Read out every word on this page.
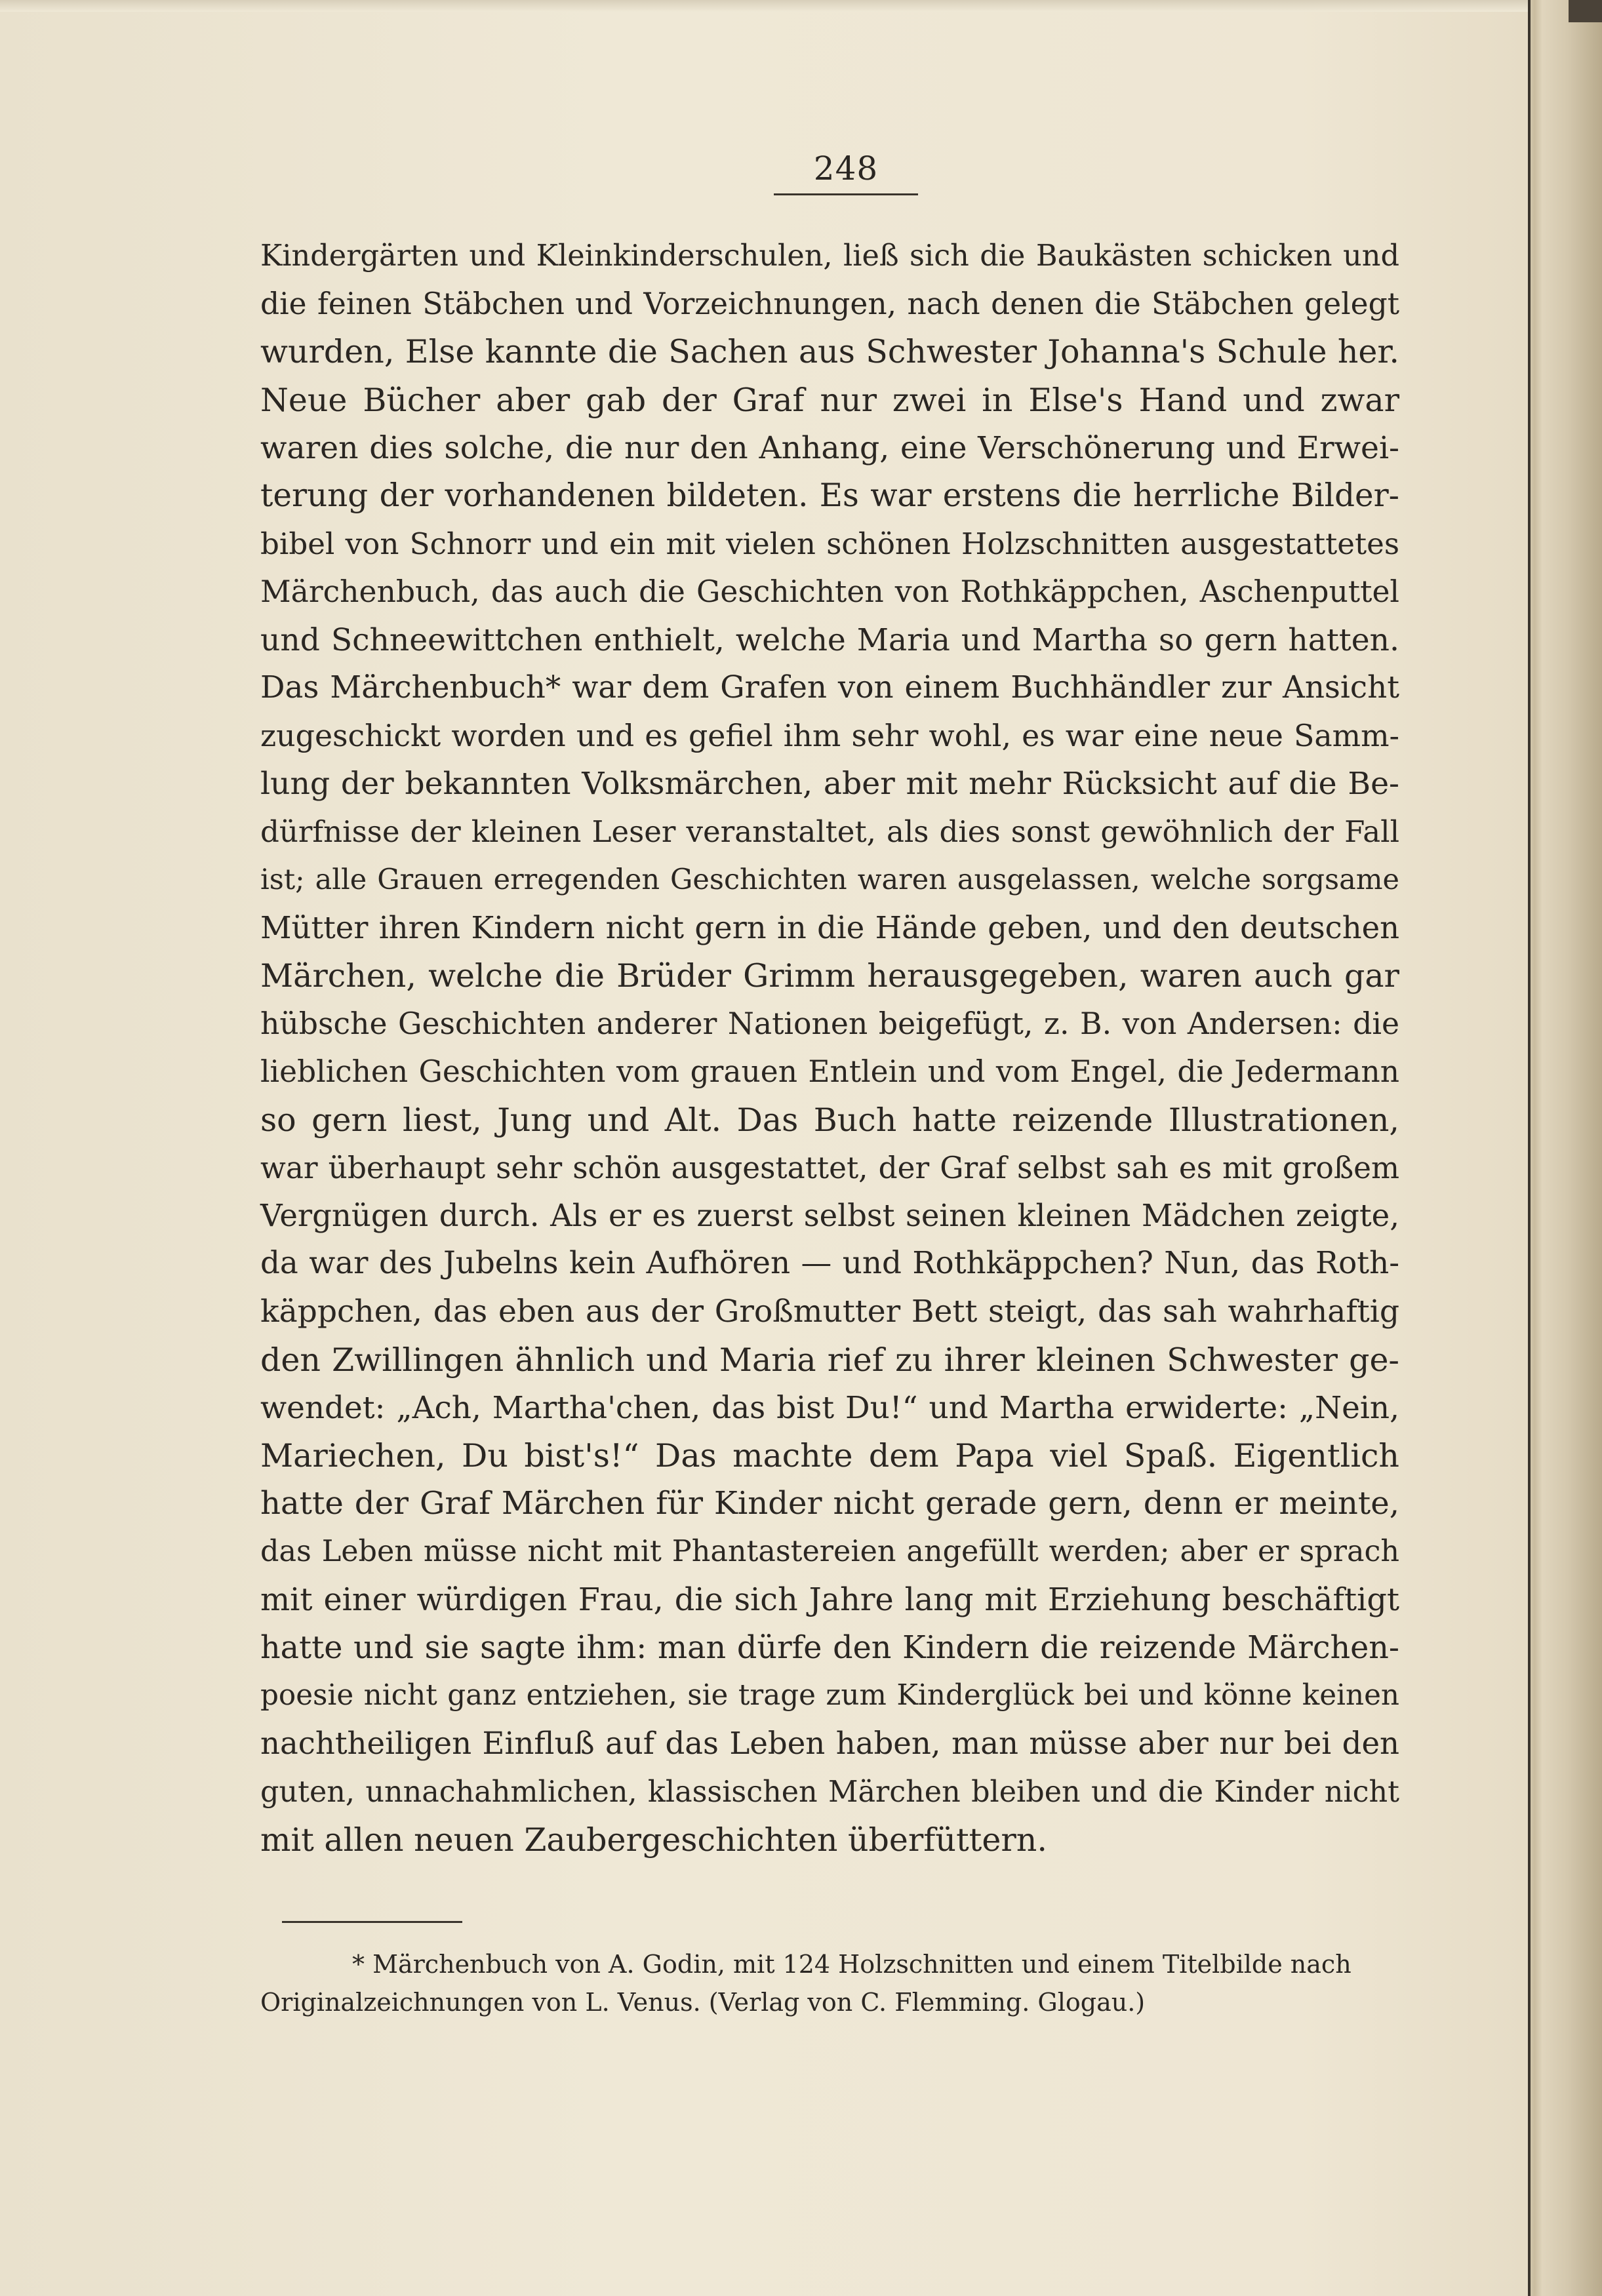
248
Kindergärten und Kleinkinderschulen, ließ sich die Baukästen schicken und
die feinen Stäbchen und Vorzeichnungen, nach denen die Stäbchen gelegt
wurden, Else kannte die Sachen aus Schwester Johanna's Schule her.
Neue Bücher aber gab der Graf nur zwei in Else's Hand und zwar
waren dies solche, die nur den Anhang, eine Verschönerung und Erwei-
terung der vorhandenen bildeten. Es war erstens die herrliche Bilder-
bibel von Schnorr und ein mit vielen schönen Holzschnitten ausgestattetes
Märchenbuch, das auch die Geschichten von Rothkäppchen, Aschenputtel
und Schneewittchen enthielt, welche Maria und Martha so gern hatten.
Das Märchenbuch* war dem Grafen von einem Buchhändler zur Ansicht
zugeschickt worden und es gefiel ihm sehr wohl, es war eine neue Samm-
lung der bekannten Volksmärchen, aber mit mehr Rücksicht auf die Be-
dürfnisse der kleinen Leser veranstaltet, als dies sonst gewöhnlich der Fall
ist; alle Grauen erregenden Geschichten waren ausgelassen, welche sorgsame
Mütter ihren Kindern nicht gern in die Hände geben, und den deutschen
Märchen, welche die Brüder Grimm herausgegeben, waren auch gar
hübsche Geschichten anderer Nationen beigefügt, z. B. von Andersen: die
lieblichen Geschichten vom grauen Entlein und vom Engel, die Jedermann
so gern liest, Jung und Alt. Das Buch hatte reizende Illustrationen,
war überhaupt sehr schön ausgestattet, der Graf selbst sah es mit großem
Vergnügen durch. Als er es zuerst selbst seinen kleinen Mädchen zeigte,
da war des Jubelns kein Aufhören — und Rothkäppchen? Nun, das Roth-
käppchen, das eben aus der Großmutter Bett steigt, das sah wahrhaftig
den Zwillingen ähnlich und Maria rief zu ihrer kleinen Schwester ge-
wendet: „Ach, Martha'chen, das bist Du!“ und Martha erwiderte: „Nein,
Mariechen, Du bist's!“ Das machte dem Papa viel Spaß. Eigentlich
hatte der Graf Märchen für Kinder nicht gerade gern, denn er meinte,
das Leben müsse nicht mit Phantastereien angefüllt werden; aber er sprach
mit einer würdigen Frau, die sich Jahre lang mit Erziehung beschäftigt
hatte und sie sagte ihm: man dürfe den Kindern die reizende Märchen-
poesie nicht ganz entziehen, sie trage zum Kinderglück bei und könne keinen
nachtheiligen Einfluß auf das Leben haben, man müsse aber nur bei den
guten, unnachahmlichen, klassischen Märchen bleiben und die Kinder nicht
mit allen neuen Zaubergeschichten überfüttern.
* Märchenbuch von A. Godin, mit 124 Holzschnitten und einem Titelbilde nach
Originalzeichnungen von L. Venus. (Verlag von C. Flemming. Glogau.)
